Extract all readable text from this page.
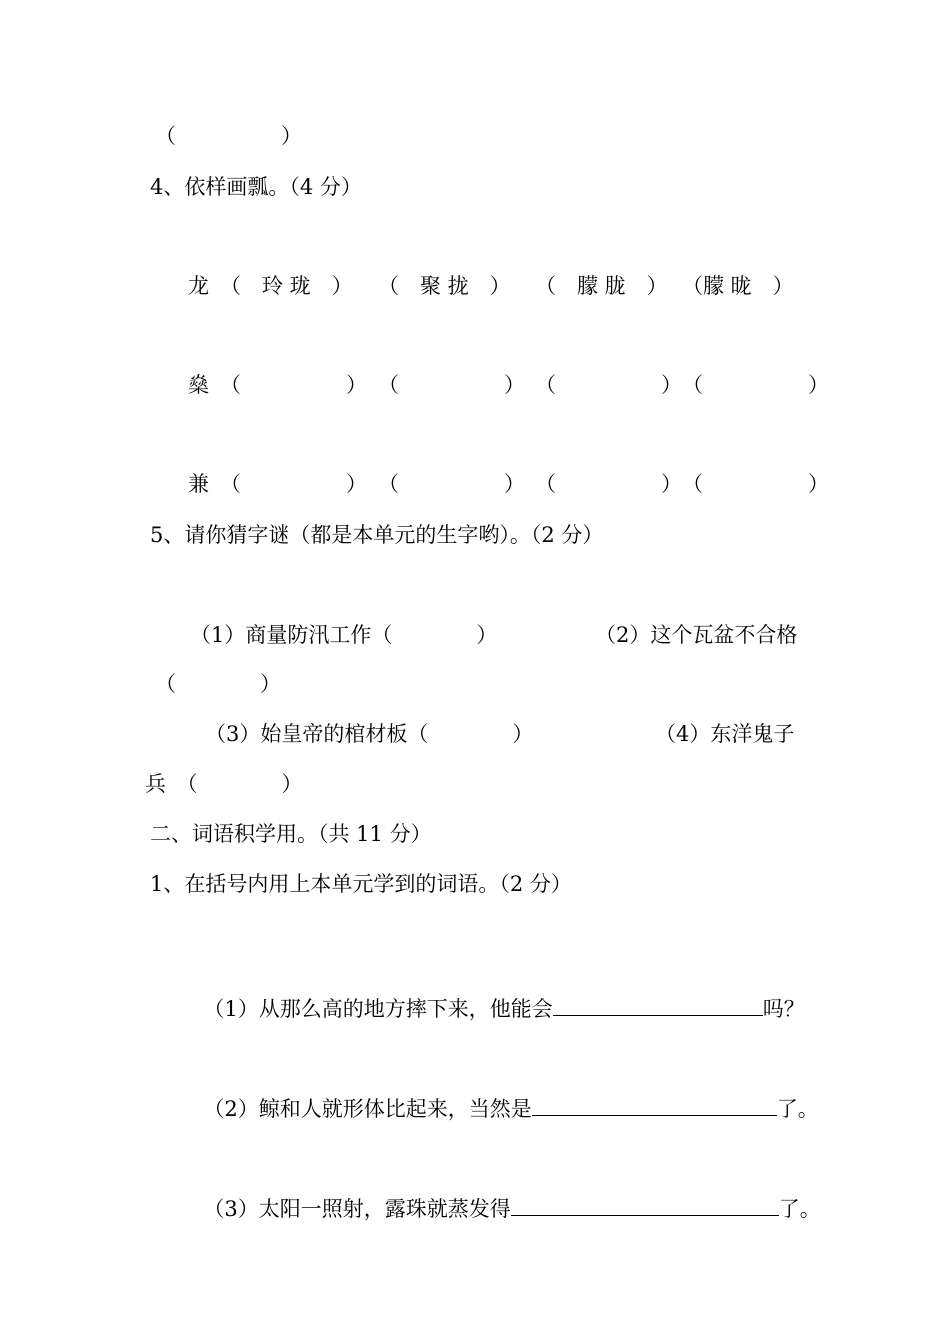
（　　　　　）
4、依样画瓢。（4 分）
龙 （　玲 珑　） （　聚 拢　） （　朦 胧　） （朦 昽　）
燊 （　　　　　） （　　　　　） （　　　　　） （　　　　　）
兼 （　　　　　） （　　　　　） （　　　　　） （　　　　　）
5、请你猜字谜（都是本单元的生字哟）。（2 分）
（1）商量防汛工作（　　　　）	（2）这个瓦盆不合格
（　　　　）
（3）始皇帝的棺材板（　　　　）	（4）东洋鬼子
兵　（　　　　）
二、词语积学用。（共 11 分）
1、在括号内用上本单元学到的词语。（2 分）

（1）从那么高的地方摔下来，他能会	吗？

（2）鲸和人就形体比起来，当然是	了。

（3）太阳一照射，露珠就蒸发得	了。
